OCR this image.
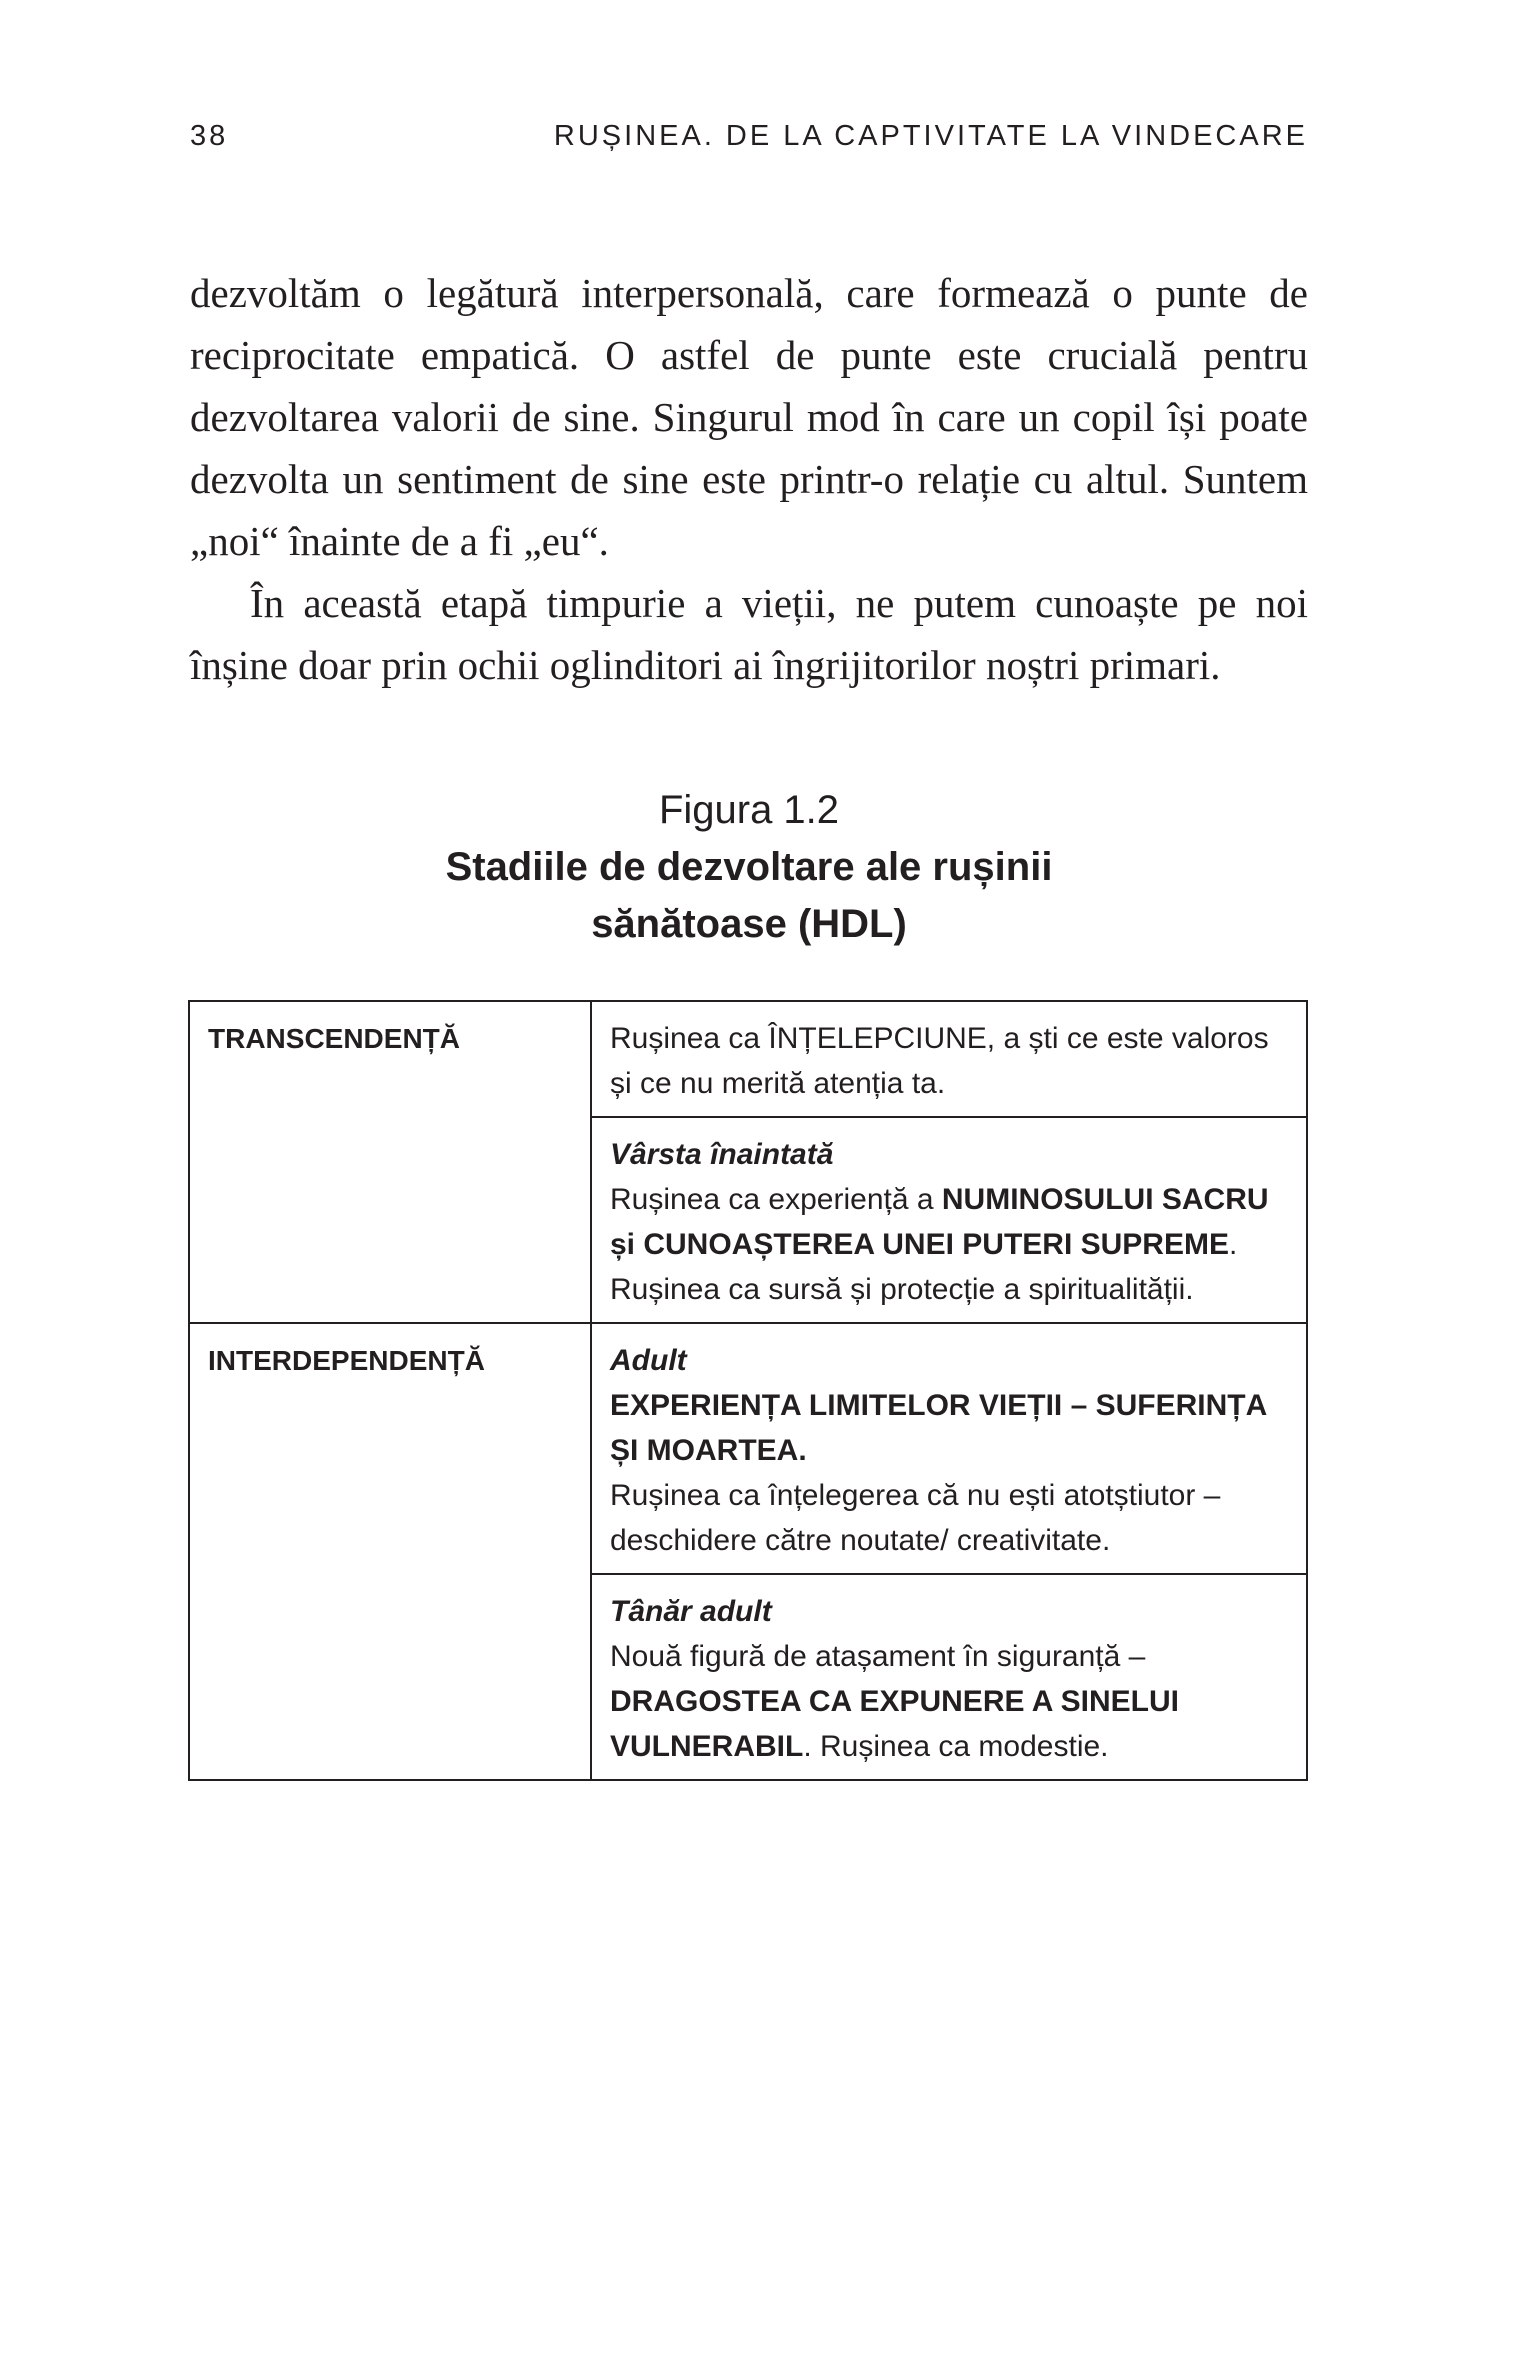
38	RUȘINEA. DE LA CAPTIVITATE LA VINDECARE

dezvoltăm o legătură interpersonală, care formează o punte de reciprocitate empatică. O astfel de punte este crucială pentru dezvoltarea valorii de sine. Singurul mod în care un copil își poate dezvolta un sentiment de sine este printr-o relație cu altul. Suntem „noi“ înainte de a fi „eu“.

În această etapă timpurie a vieții, ne putem cunoaște pe noi înșine doar prin ochii oglinditori ai îngrijitorilor noștri primari.

Figura 1.2
Stadiile de dezvoltare ale rușinii
sănătoase (HDL)
TRANSCENDENȚĂ	Rușinea ca ÎNȚELEPCIUNE, a ști ce este valoros și ce nu merită atenția ta.

	Vârsta înaintată
Rușinea ca experiență a NUMINOSULUI SACRU și CUNOAȘTEREA UNEI PUTERI SUPREME. Rușinea ca sursă și protecție a spiritualității.
INTERDEPENDENȚĂ	Adult
EXPERIENȚA LIMITELOR VIEȚII – SUFERINȚA ȘI MOARTEA.
Rușinea ca înțelegerea că nu ești atotștiutor – deschidere către noutate/ creativitate.

	Tânăr adult
Nouă figură de atașament în siguranță – DRAGOSTEA CA EXPUNERE A SINELUI VULNERABIL. Rușinea ca modestie.
